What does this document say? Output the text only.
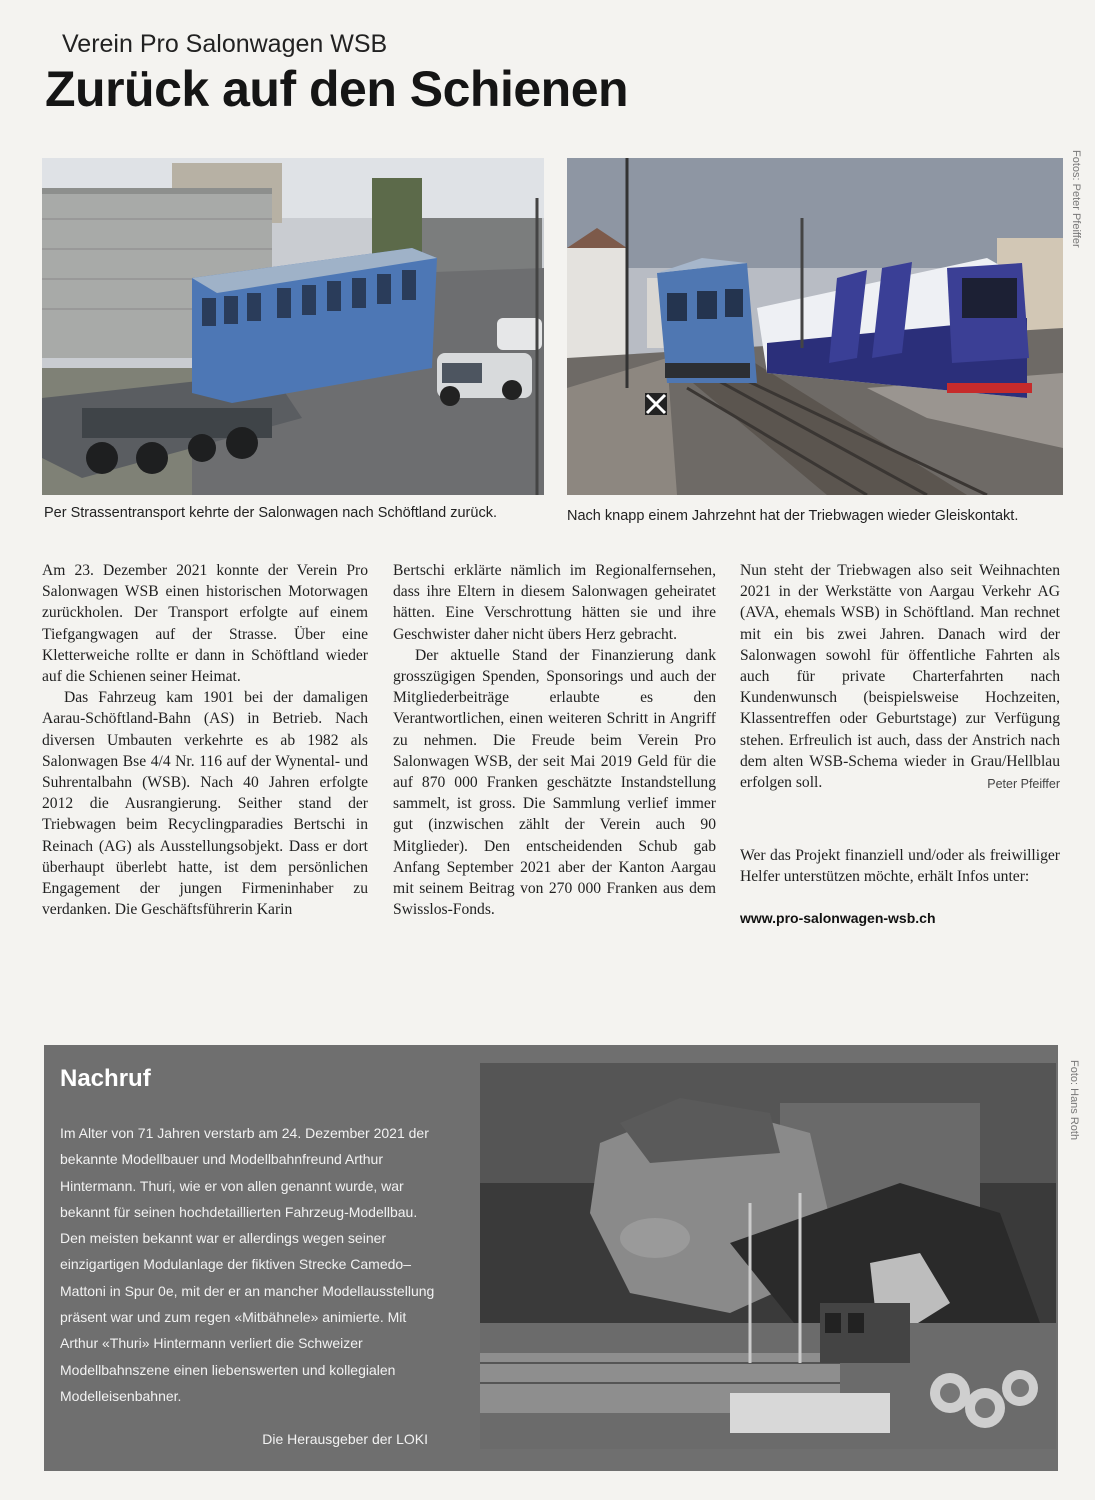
Verein Pro Salonwagen WSB
Zurück auf den Schienen
Fotos: Peter Pfeiffer
Per Strassentransport kehrte der Salonwagen nach Schöftland zurück.	Nach knapp einem Jahrzehnt hat der Triebwagen wieder Gleiskontakt.

Am 23. Dezember 2021 konnte der Verein Pro Salonwagen WSB einen historischen Motorwagen zurückholen. Der Transport erfolgte auf einem Tiefgangwagen auf der Strasse. Über eine Kletterweiche rollte er dann in Schöftland wieder auf die Schienen seiner Heimat.

Das Fahrzeug kam 1901 bei der damaligen Aarau-Schöftland-Bahn (AS) in Betrieb. Nach diversen Umbauten verkehrte es ab 1982 als Salonwagen Bse 4/4 Nr. 116 auf der Wynental- und Suhrentalbahn (WSB). Nach 40 Jahren erfolgte 2012 die Ausrangierung. Seither stand der Triebwagen beim Recyclingparadies Bertschi in Reinach (AG) als Ausstellungsobjekt. Dass er dort überhaupt überlebt hatte, ist dem persönlichen Engagement der jungen Firmeninhaber zu verdanken. Die Geschäftsführerin Karin

Bertschi erklärte nämlich im Regionalfernsehen, dass ihre Eltern in diesem Salonwagen geheiratet hätten. Eine Verschrottung hätten sie und ihre Geschwister daher nicht übers Herz gebracht.

Der aktuelle Stand der Finanzierung dank grosszügigen Spenden, Sponsorings und auch der Mitgliederbeiträge erlaubte es den Verantwortlichen, einen weiteren Schritt in Angriff zu nehmen. Die Freude beim Verein Pro Salonwagen WSB, der seit Mai 2019 Geld für die auf 870 000 Franken geschätzte Instandstellung sammelt, ist gross. Die Sammlung verlief immer gut (inzwischen zählt der Verein auch 90 Mitglieder). Den entscheidenden Schub gab Anfang September 2021 aber der Kanton Aargau mit seinem Beitrag von 270 000 Franken aus dem Swisslos-Fonds.

Nun steht der Triebwagen also seit Weihnachten 2021 in der Werkstätte von Aargau Verkehr AG (AVA, ehemals WSB) in Schöftland. Man rechnet mit ein bis zwei Jahren. Danach wird der Salonwagen sowohl für öffentliche Fahrten als auch für private Charterfahrten nach Kundenwunsch (beispielsweise Hochzeiten, Klassentreffen oder Geburtstage) zur Verfügung stehen. Erfreulich ist auch, dass der Anstrich nach dem alten WSB-Schema wieder in Grau/Hellblau erfolgen soll.	Peter Pfeiffer

Wer das Projekt finanziell und/oder als freiwilliger Helfer unterstützen möchte, erhält Infos unter:

www.pro-salonwagen-wsb.ch

Nachruf
Im Alter von 71 Jahren verstarb am 24. Dezember 2021 der bekannte Modellbauer und Modellbahnfreund Arthur Hintermann. Thuri, wie er von allen genannt wurde, war bekannt für seinen hochdetaillierten Fahrzeug-Modellbau. Den meisten bekannt war er allerdings wegen seiner einzigartigen Modulanlage der fiktiven Strecke Camedo–Mattoni in Spur 0e, mit der er an mancher Modellausstellung präsent war und zum regen «Mitbähnele» animierte. Mit Arthur «Thuri» Hintermann verliert die Schweizer Modellbahnszene einen liebenswerten und kollegialen Modelleisenbahner.
Die Herausgeber der LOKI
Foto: Hans Roth
